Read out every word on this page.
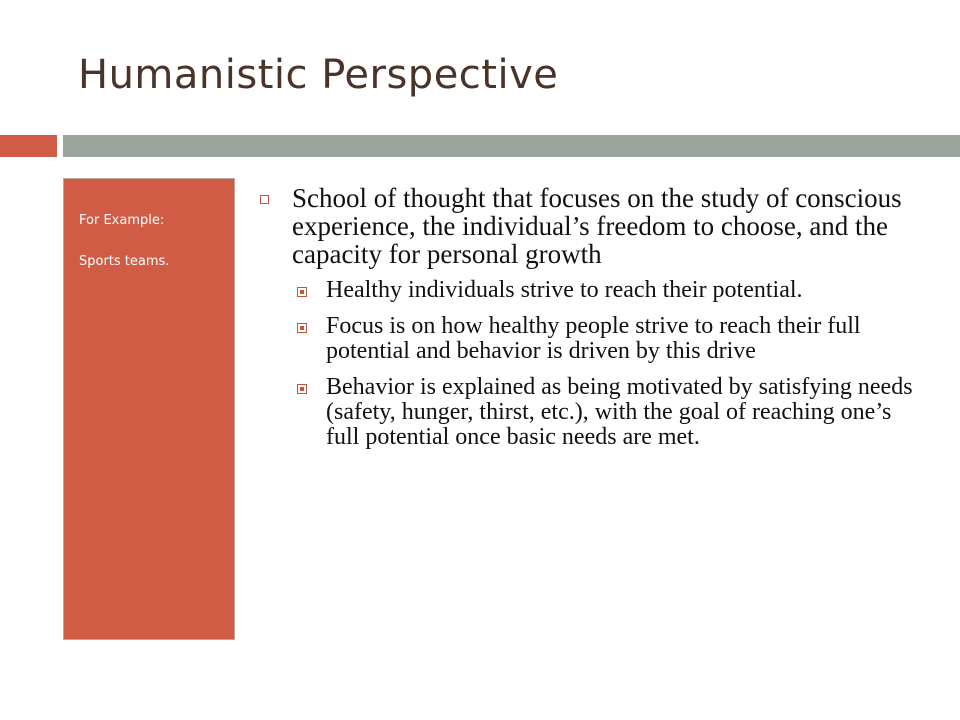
Humanistic Perspective

For Example:

Sports teams.

School of thought that focuses on the study of conscious experience, the individual’s freedom to choose, and the capacity for personal growth
Healthy individuals strive to reach their potential.
Focus is on how healthy people strive to reach their full potential and behavior is driven by this drive
Behavior is explained as being motivated by satisfying needs (safety, hunger, thirst, etc.), with the goal of reaching one’s full potential once basic needs are met.
